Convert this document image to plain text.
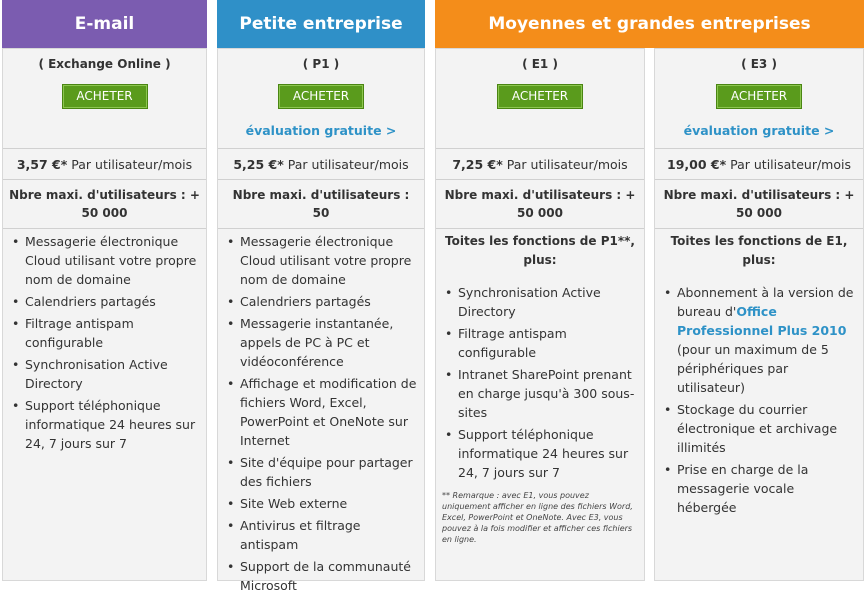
E-mail	Petite entreprise	Moyennes et grandes entreprises
( Exchange Online )
ACHETER
3,57 €* Par utilisateur/mois
Nbre maxi. d'utilisateurs : + 50 000
• Messagerie électronique Cloud utilisant votre propre nom de domaine
• Calendriers partagés
• Filtrage antispam configurable
• Synchronisation Active Directory
• Support téléphonique informatique 24 heures sur 24, 7 jours sur 7
( P1 )
ACHETER
évaluation gratuite >
5,25 €* Par utilisateur/mois
Nbre maxi. d'utilisateurs : 50
• Messagerie électronique Cloud utilisant votre propre nom de domaine
• Calendriers partagés
• Messagerie instantanée, appels de PC à PC et vidéoconférence
• Affichage et modification de fichiers Word, Excel, PowerPoint et OneNote sur Internet
• Site d'équipe pour partager des fichiers
• Site Web externe
• Antivirus et filtrage antispam
• Support de la communauté Microsoft
( E1 )
ACHETER
7,25 €* Par utilisateur/mois
Nbre maxi. d'utilisateurs : + 50 000
Toites les fonctions de P1**, plus:
• Synchronisation Active Directory
• Filtrage antispam configurable
• Intranet SharePoint prenant en charge jusqu'à 300 sous-sites
• Support téléphonique informatique 24 heures sur 24, 7 jours sur 7
** Remarque : avec E1, vous pouvez uniquement afficher en ligne des fichiers Word, Excel, PowerPoint et OneNote. Avec E3, vous pouvez à la fois modifier et afficher ces fichiers en ligne.
( E3 )
ACHETER
évaluation gratuite >
19,00 €* Par utilisateur/mois
Nbre maxi. d'utilisateurs : + 50 000
Toites les fonctions de E1, plus:
• Abonnement à la version de bureau d'Office Professionnel Plus 2010 (pour un maximum de 5 périphériques par utilisateur)
• Stockage du courrier électronique et archivage illimités
• Prise en charge de la messagerie vocale hébergée
